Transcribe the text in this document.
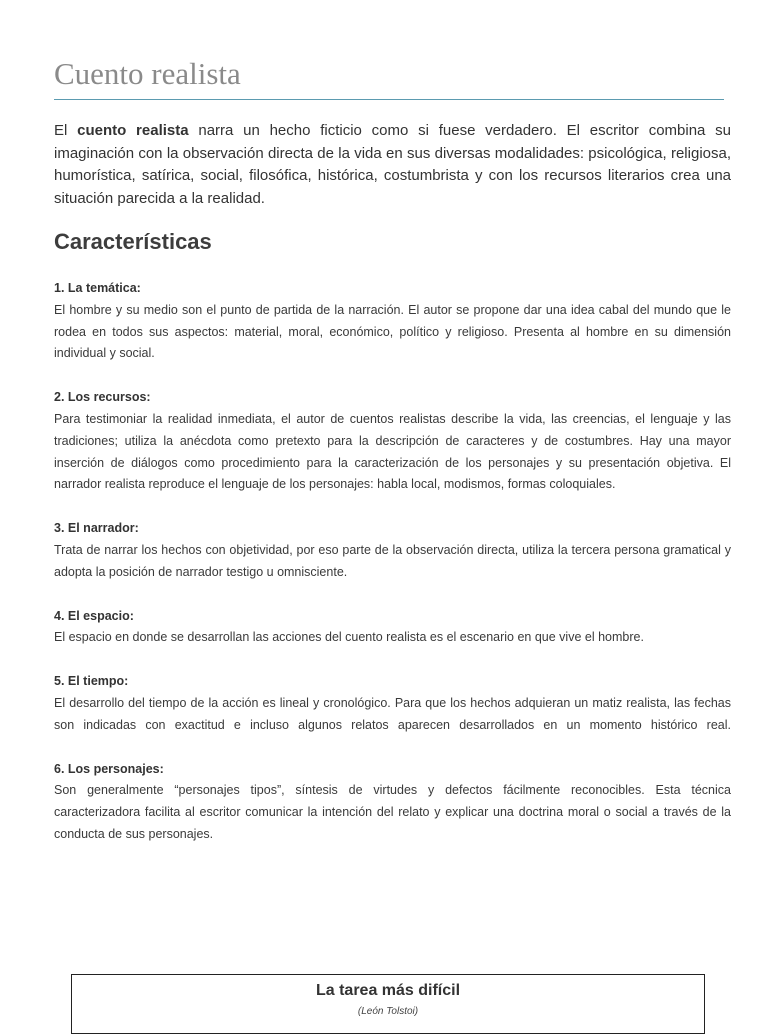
Cuento realista

El cuento realista narra un hecho ficticio como si fuese verdadero. El escritor combina su imaginación con la observación directa de la vida en sus diversas modalidades: psicológica, religiosa, humorística, satírica, social, filosófica, histórica, costumbrista y con los recursos literarios crea una situación parecida a la realidad.

Características
1. La temática:
El hombre y su medio son el punto de partida de la narración. El autor se propone dar una idea cabal del mundo que le rodea en todos sus aspectos: material, moral, económico, político y religioso. Presenta al hombre en su dimensión individual y social.
2. Los recursos:
Para testimoniar la realidad inmediata, el autor de cuentos realistas describe la vida, las creencias, el lenguaje y las tradiciones; utiliza la anécdota como pretexto para la descripción de caracteres y de costumbres. Hay una mayor inserción de diálogos como procedimiento para la caracterización de los personajes y su presentación objetiva. El narrador realista reproduce el lenguaje de los personajes: habla local, modismos, formas coloquiales.
3. El narrador:
Trata de narrar los hechos con objetividad, por eso parte de la observación directa, utiliza la tercera persona gramatical y adopta la posición de narrador testigo u omnisciente.
4. El espacio:
El espacio en donde se desarrollan las acciones del cuento realista es el escenario en que vive el hombre.
5. El tiempo:
El desarrollo del tiempo de la acción es lineal y cronológico. Para que los hechos adquieran un matiz realista, las fechas son indicadas con exactitud e incluso algunos relatos aparecen desarrollados en un momento histórico real.
6. Los personajes:
Son generalmente “personajes tipos”, síntesis de virtudes y defectos fácilmente reconocibles. Esta técnica caracterizadora facilita al escritor comunicar la intención del relato y explicar una doctrina moral o social a través de la conducta de sus personajes.
La tarea más difícil
(León Tolstoi)
